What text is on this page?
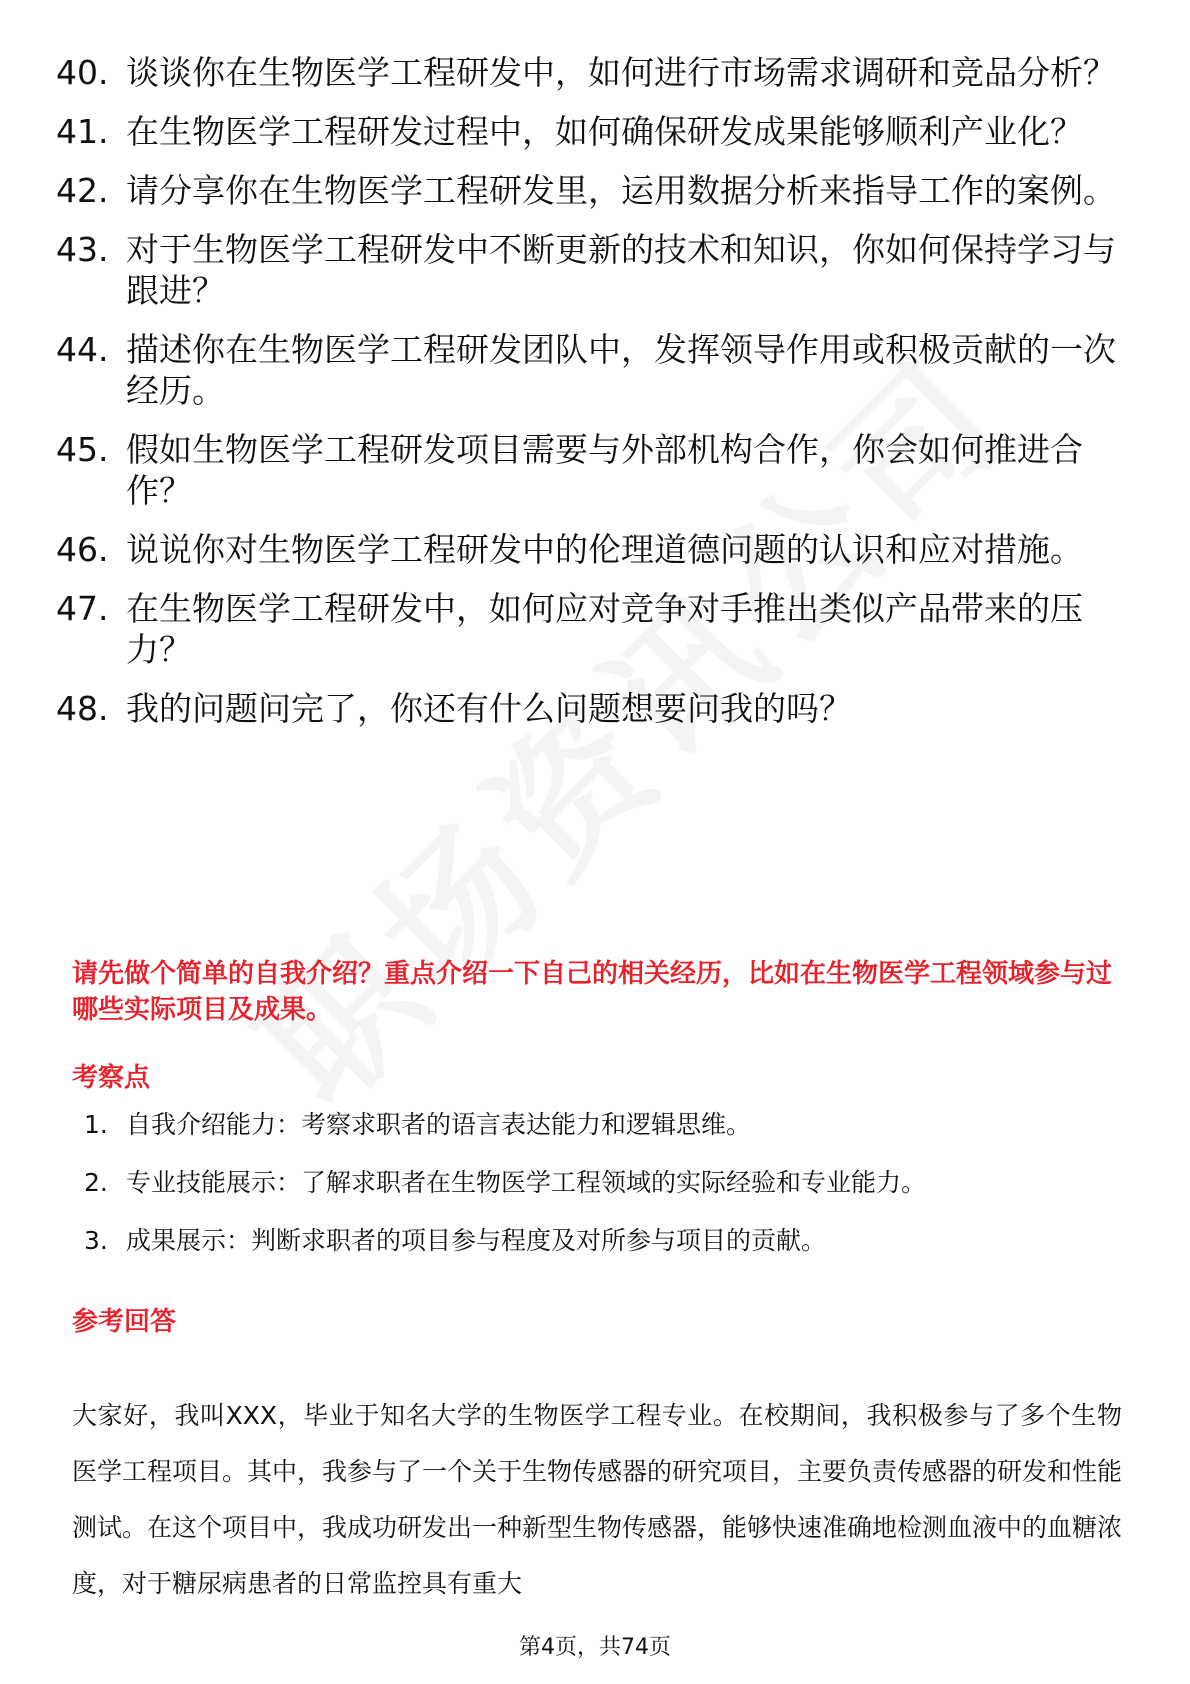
40. 谈谈你在生物医学工程研发中，如何进行市场需求调研和竞品分析？
41. 在生物医学工程研发过程中，如何确保研发成果能够顺利产业化？
42. 请分享你在生物医学工程研发里，运用数据分析来指导工作的案例。
43. 对于生物医学工程研发中不断更新的技术和知识，你如何保持学习与跟进？
44. 描述你在生物医学工程研发团队中，发挥领导作用或积极贡献的一次经历。
45. 假如生物医学工程研发项目需要与外部机构合作，你会如何推进合作？
46. 说说你对生物医学工程研发中的伦理道德问题的认识和应对措施。
47. 在生物医学工程研发中，如何应对竞争对手推出类似产品带来的压力？
48. 我的问题问完了，你还有什么问题想要问我的吗？
请先做个简单的自我介绍？重点介绍一下自己的相关经历，比如在生物医学工程领域参与过哪些实际项目及成果。
考察点
1. 自我介绍能力：考察求职者的语言表达能力和逻辑思维。
2. 专业技能展示：了解求职者在生物医学工程领域的实际经验和专业能力。
3. 成果展示：判断求职者的项目参与程度及对所参与项目的贡献。
参考回答
大家好，我叫XXX，毕业于知名大学的生物医学工程专业。在校期间，我积极参与了多个生物医学工程项目。其中，我参与了一个关于生物传感器的研究项目，主要负责传感器的研发和性能测试。在这个项目中，我成功研发出一种新型生物传感器，能够快速准确地检测血液中的血糖浓度，对于糖尿病患者的日常监控具有重大
第4页，共74页
